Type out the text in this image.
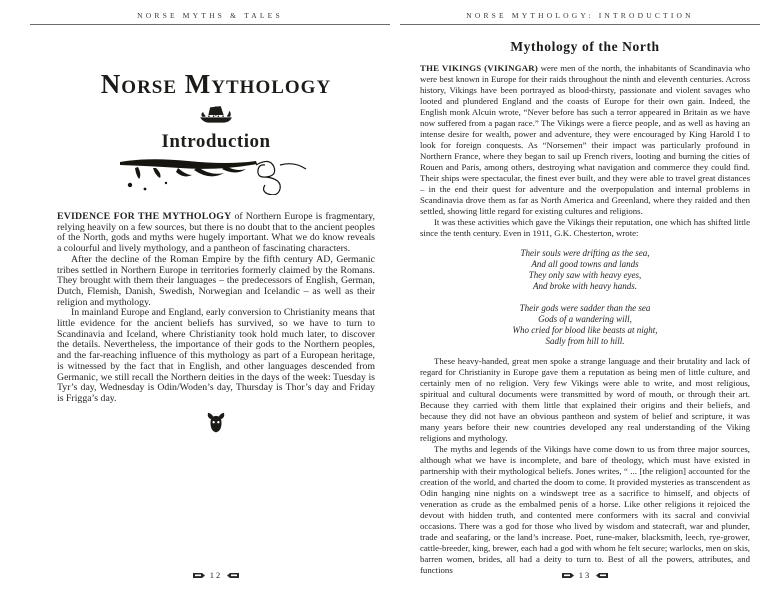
NORSE MYTHS & TALES
Norse Mythology
Introduction

EVIDENCE FOR THE MYTHOLOGY of Northern Europe is fragmentary, relying heavily on a few sources, but there is no doubt that to the ancient peoples of the North, gods and myths were hugely important. What we do know reveals a colourful and lively mythology, and a pantheon of fascinating characters.

After the decline of the Roman Empire by the fifth century AD, Germanic tribes settled in Northern Europe in territories formerly claimed by the Romans. They brought with them their languages – the predecessors of English, German, Dutch, Flemish, Danish, Swedish, Norwegian and Icelandic – as well as their religion and mythology.

In mainland Europe and England, early conversion to Christianity means that little evidence for the ancient beliefs has survived, so we have to turn to Scandinavia and Iceland, where Christianity took hold much later, to discover the details. Nevertheless, the importance of their gods to the Northern peoples, and the far-reaching influence of this mythology as part of a European heritage, is witnessed by the fact that in English, and other languages descended from Germanic, we still recall the Northern deities in the days of the week: Tuesday is Tyr’s day, Wednesday is Odin/Woden’s day, Thursday is Thor’s day and Friday is Frigga’s day.

12
NORSE MYTHOLOGY: INTRODUCTION
Mythology of the North

THE VIKINGS (VIKINGAR) were men of the north, the inhabitants of Scandinavia who were best known in Europe for their raids throughout the ninth and eleventh centuries. Across history, Vikings have been portrayed as blood-thirsty, passionate and violent savages who looted and plundered England and the coasts of Europe for their own gain. Indeed, the English monk Alcuin wrote, “Never before has such a terror appeared in Britain as we have now suffered from a pagan race.” The Vikings were a fierce people, and as well as having an intense desire for wealth, power and adventure, they were encouraged by King Harold I to look for foreign conquests. As “Norsemen” their impact was particularly profound in Northern France, where they began to sail up French rivers, looting and burning the cities of Rouen and Paris, among others, destroying what navigation and commerce they could find. Their ships were spectacular, the finest ever built, and they were able to travel great distances – in the end their quest for adventure and the overpopulation and internal problems in Scandinavia drove them as far as North America and Greenland, where they raided and then settled, showing little regard for existing cultures and religions.

It was these activities which gave the Vikings their reputation, one which has shifted little since the tenth century. Even in 1911, G.K. Chesterton, wrote:

Their souls were drifting as the sea,
And all good towns and lands
They only saw with heavy eyes,
And broke with heavy hands.
Their gods were sadder than the sea
Gods of a wandering will,
Who cried for blood like beasts at night,
Sadly from hill to hill.

These heavy-handed, great men spoke a strange language and their brutality and lack of regard for Christianity in Europe gave them a reputation as being men of little culture, and certainly men of no religion. Very few Vikings were able to write, and most religious, spiritual and cultural documents were transmitted by word of mouth, or through their art. Because they carried with them little that explained their origins and their beliefs, and because they did not have an obvious pantheon and system of belief and scripture, it was many years before their new countries developed any real understanding of the Viking religions and mythology.

The myths and legends of the Vikings have come down to us from three major sources, although what we have is incomplete, and bare of theology, which must have existed in partnership with their mythological beliefs. Jones writes, “ ... [the religion] accounted for the creation of the world, and charted the doom to come. It provided mysteries as transcendent as Odin hanging nine nights on a windswept tree as a sacrifice to himself, and objects of veneration as crude as the embalmed penis of a horse. Like other religions it rejoiced the devout with hidden truth, and contented mere conformers with its sacral and convivial occasions. There was a god for those who lived by wisdom and statecraft, war and plunder, trade and seafaring, or the land’s increase. Poet, rune-maker, blacksmith, leech, rye-grower, cattle-breeder, king, brewer, each had a god with whom he felt secure; warlocks, men on skis, barren women, brides, all had a deity to turn to. Best of all the powers, attributes, and functions	13
